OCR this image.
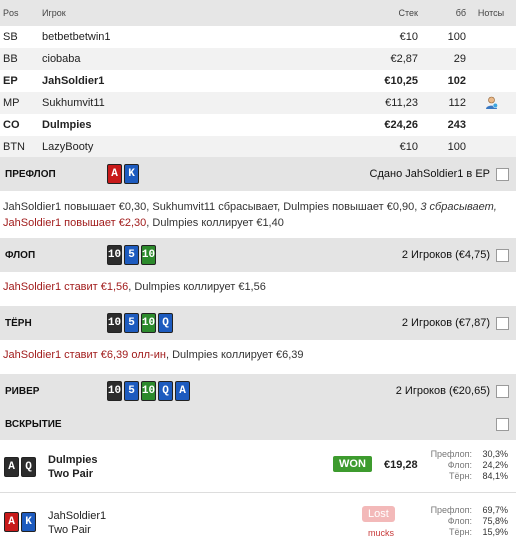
Pos	Игрок	Стек	бб	Нотсы
SB	betbetbetwin1	€10	100
BB	ciobaba	€2,87	29
EP	JahSoldier1	€10,25	102
MP	Sukhumvit11	€11,23	112
CO	Dulmpies	€24,26	243
BTN	LazyBooty	€10	100
ПРЕФЛОП	A K	Сдано JahSoldier1 в EP
JahSoldier1 повышает €0,30, Sukhumvit11 сбрасывает, Dulmpies повышает €0,90, 3 сбрасывает,
JahSoldier1 повышает €2,30, Dulmpies коллирует €1,40
ФЛОП	10 5 10	2 Игроков (€4,75)
JahSoldier1 ставит €1,56, Dulmpies коллирует €1,56
ТЁРН	10 5 10 Q	2 Игроков (€7,87)
JahSoldier1 ставит €6,39 олл-ин, Dulmpies коллирует €6,39
РИВЕР	10 5 10 Q A	2 Игроков (€20,65)
ВСКРЫТИЕ
A Q
Dulmpies
Two Pair
WON	€19,28
Префлоп: 30,3%
Флоп: 24,2%
Тёрн: 84,1%
A K	JahSoldier1
Two Pair
Lost
mucks
Префлоп: 69,7%
Флоп: 75,8%
Тёрн: 15,9%
